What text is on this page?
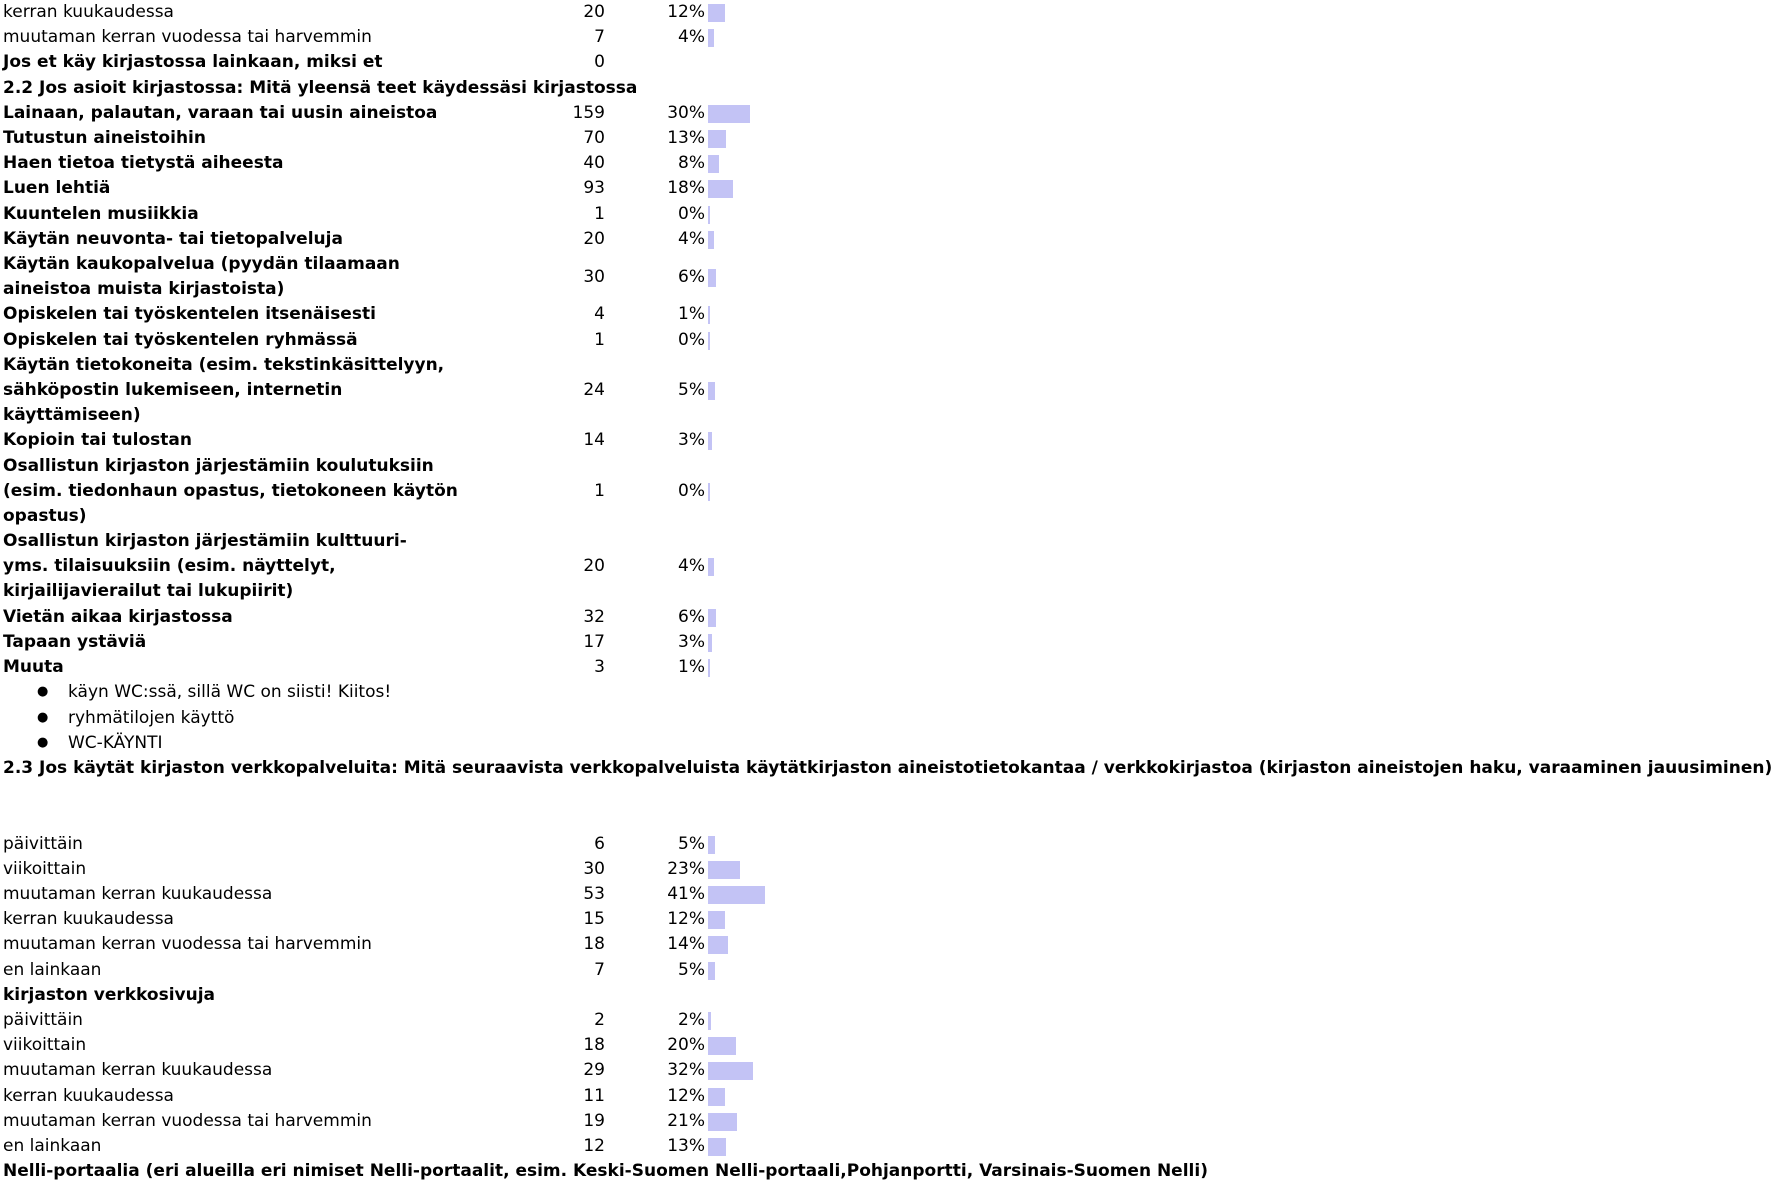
kerran kuukaudessa	20	12%
muutaman kerran vuodessa tai harvemmin	7	4%
Jos et käy kirjastossa lainkaan, miksi et	0
2.2 Jos asioit kirjastossa: Mitä yleensä teet käydessäsi kirjastossa
Lainaan, palautan, varaan tai uusin aineistoa	159	30%
Tutustun aineistoihin	70	13%
Haen tietoa tietystä aiheesta	40	8%
Luen lehtiä	93	18%
Kuuntelen musiikkia	1	0%
Käytän neuvonta- tai tietopalveluja	20	4%
Käytän kaukopalvelua (pyydän tilaamaan
aineistoa muista kirjastoista)
30	6%
Opiskelen tai työskentelen itsenäisesti	4	1%
Opiskelen tai työskentelen ryhmässä	1	0%
Käytän tietokoneita (esim. tekstinkäsittelyyn,
sähköpostin lukemiseen, internetin
käyttämiseen)
24	5%
Kopioin tai tulostan	14	3%
Osallistun kirjaston järjestämiin koulutuksiin
(esim. tiedonhaun opastus, tietokoneen käytön
opastus)
1	0%
Osallistun kirjaston järjestämiin kulttuuri-
yms. tilaisuuksiin (esim. näyttelyt,
kirjailijavierailut tai lukupiirit)
20	4%
Vietän aikaa kirjastossa	32	6%
Tapaan ystäviä	17	3%
Muuta	3	1%
● käyn WC:ssä, sillä WC on siisti! Kiitos!
● ryhmätilojen käyttö
● WC-KÄYNTI
2.3 Jos käytät kirjaston verkkopalveluita: Mitä seuraavista verkkopalveluista käytätkirjaston aineistotietokantaa / verkkokirjastoa (kirjaston aineistojen haku, varaaminen jauusiminen)
päivittäin	6	5%
viikoittain	30	23%
muutaman kerran kuukaudessa	53	41%
kerran kuukaudessa	15	12%
muutaman kerran vuodessa tai harvemmin	18	14%
en lainkaan	7	5%
kirjaston verkkosivuja
päivittäin	2	2%
viikoittain	18	20%
muutaman kerran kuukaudessa	29	32%
kerran kuukaudessa	11	12%
muutaman kerran vuodessa tai harvemmin	19	21%
en lainkaan	12	13%
Nelli-portaalia (eri alueilla eri nimiset Nelli-portaalit, esim. Keski-Suomen Nelli-portaali,Pohjanportti, Varsinais-Suomen Nelli)
